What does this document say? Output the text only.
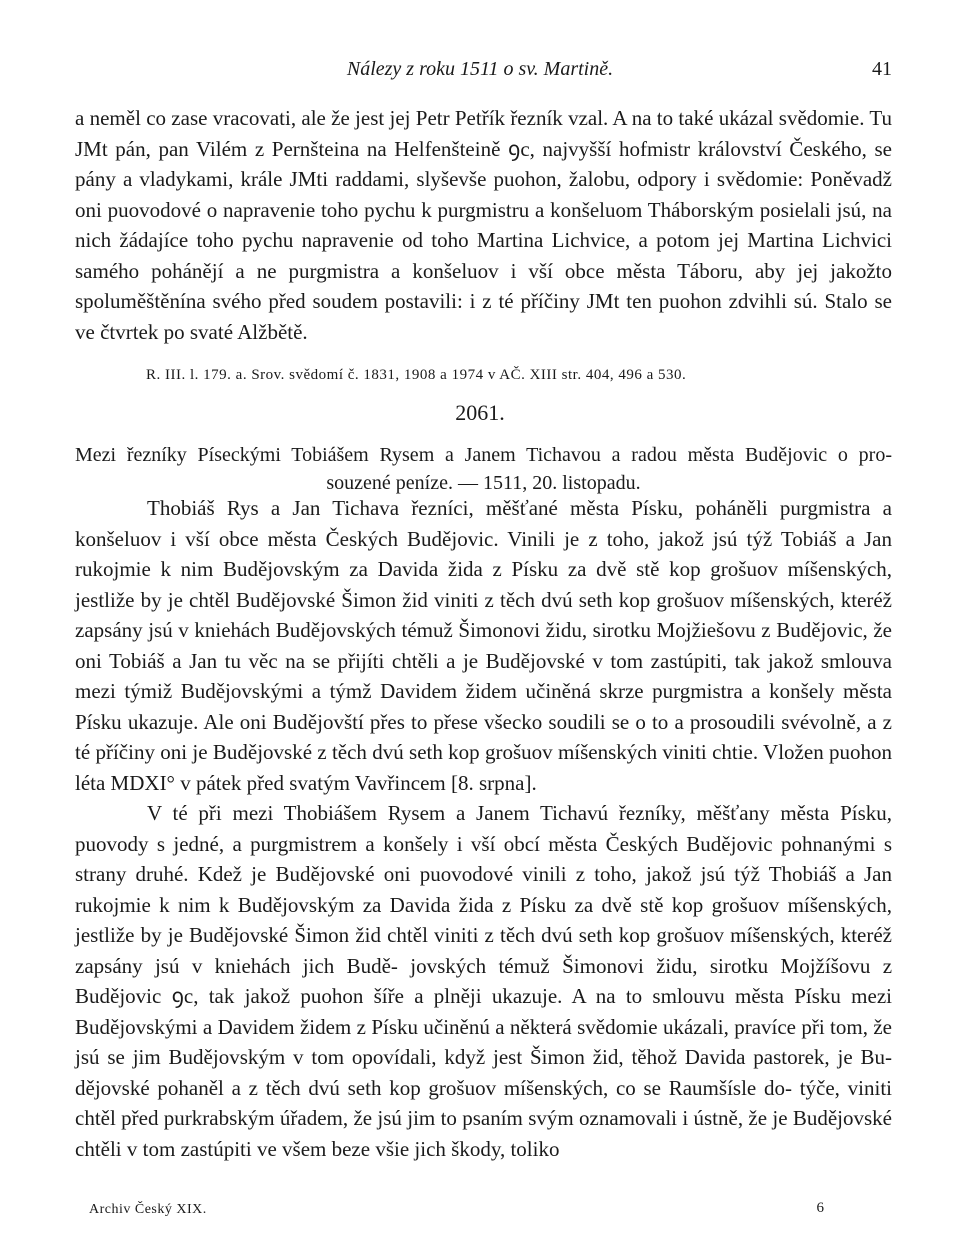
Nálezy z roku 1511 o sv. Martině.	41

a neměl co zase vracovati, ale že jest jej Petr Petřík řezník vzal. A na to také ukázal svědomie. Tu JMt pán, pan Vilém z Pernšteina na Helfenšteině ꝯc, najvyšší hofmistr království Českého, se pány a vladykami, krále JMti raddami, slyševše puohon, žalobu, odpory i svědomie: Poněvadž oni puovodové o napravenie toho pychu k purgmistru a konšeluom Tháborským posielali jsú, na nich žádajíce toho pychu napravenie od toho Martina Lichvice, a potom jej Martina Lichvici samého pohánějí a ne purgmistra a konšeluov i vší obce města Táboru, aby jej jakožto spoluměštěnína svého před soudem postavili: i z té příčiny JMt ten puohon zdvihli sú. Stalo se ve čtvrtek po svaté Alžbětě.

R. III. l. 179. a. Srov. svědomí č. 1831, 1908 a 1974 v AČ. XIII str. 404, 496 a 530.
2061.
Mezi řezníky Píseckými Tobiášem Rysem a Janem Tichavou a radou města Budějovic o pro-
souzené peníze. — 1511, 20. listopadu.

Thobiáš Rys a Jan Tichava řezníci, měšťané města Písku, poháněli purgmistra a konšeluov i vší obce města Českých Budějovic. Vinili je z toho, jakož jsú týž Tobiáš a Jan rukojmie k nim Budějovským za Davida žida z Písku za dvě stě kop grošuov míšenských, jestliže by je chtěl Budějovské Šimon žid viniti z těch dvú seth kop grošuov míšenských, kteréž zapsány jsú v kniehách Budějovských témuž Šimonovi židu, sirotku Mojžiešovu z Budějovic, že oni Tobiáš a Jan tu věc na se přijíti chtěli a je Budějovské v tom zastúpiti, tak jakož smlouva mezi týmiž Budějovskými a týmž Davidem židem učiněná skrze purgmistra a konšely města Písku ukazuje. Ale oni Budějovští přes to přese všecko soudili se o to a prosoudili svévolně, a z té příčiny oni je Budějovské z těch dvú seth kop grošuov míšenských viniti chtie. Vložen puohon léta MDXI° v pátek před svatým Vavřincem [8. srpna].

V té při mezi Thobiášem Rysem a Janem Tichavú řezníky, měšťany města Písku, puovody s jedné, a purgmistrem a konšely i vší obcí města Českých Budějovic pohnanými s strany druhé. Kdež je Budějovské oni puovodové vinili z toho, jakož jsú týž Thobiáš a Jan rukojmie k nim k Budějovským za Davida žida z Písku za dvě stě kop grošuov míšenských, jestliže by je Budějovské Šimon žid chtěl viniti z těch dvú seth kop grošuov míšenských, kteréž zapsány jsú v kniehách jich Budě- jovských témuž Šimonovi židu, sirotku Mojžíšovu z Budějovic ꝯc, tak jakož puohon šíře a plněji ukazuje. A na to smlouvu města Písku mezi Budějovskými a Davidem židem z Písku učiněnú a některá svědomie ukázali, pravíce při tom, že jsú se jim Budějovským v tom opovídali, když jest Šimon žid, těhož Davida pastorek, je Bu- dějovské pohaněl a z těch dvú seth kop grošuov míšenských, co se Raumšísle do- týče, viniti chtěl před purkrabským úřadem, že jsú jim to psaním svým oznamovali i ústně, že je Budějovské chtěli v tom zastúpiti ve všem beze všie jich škody, toliko

Archiv Český XIX.	6
